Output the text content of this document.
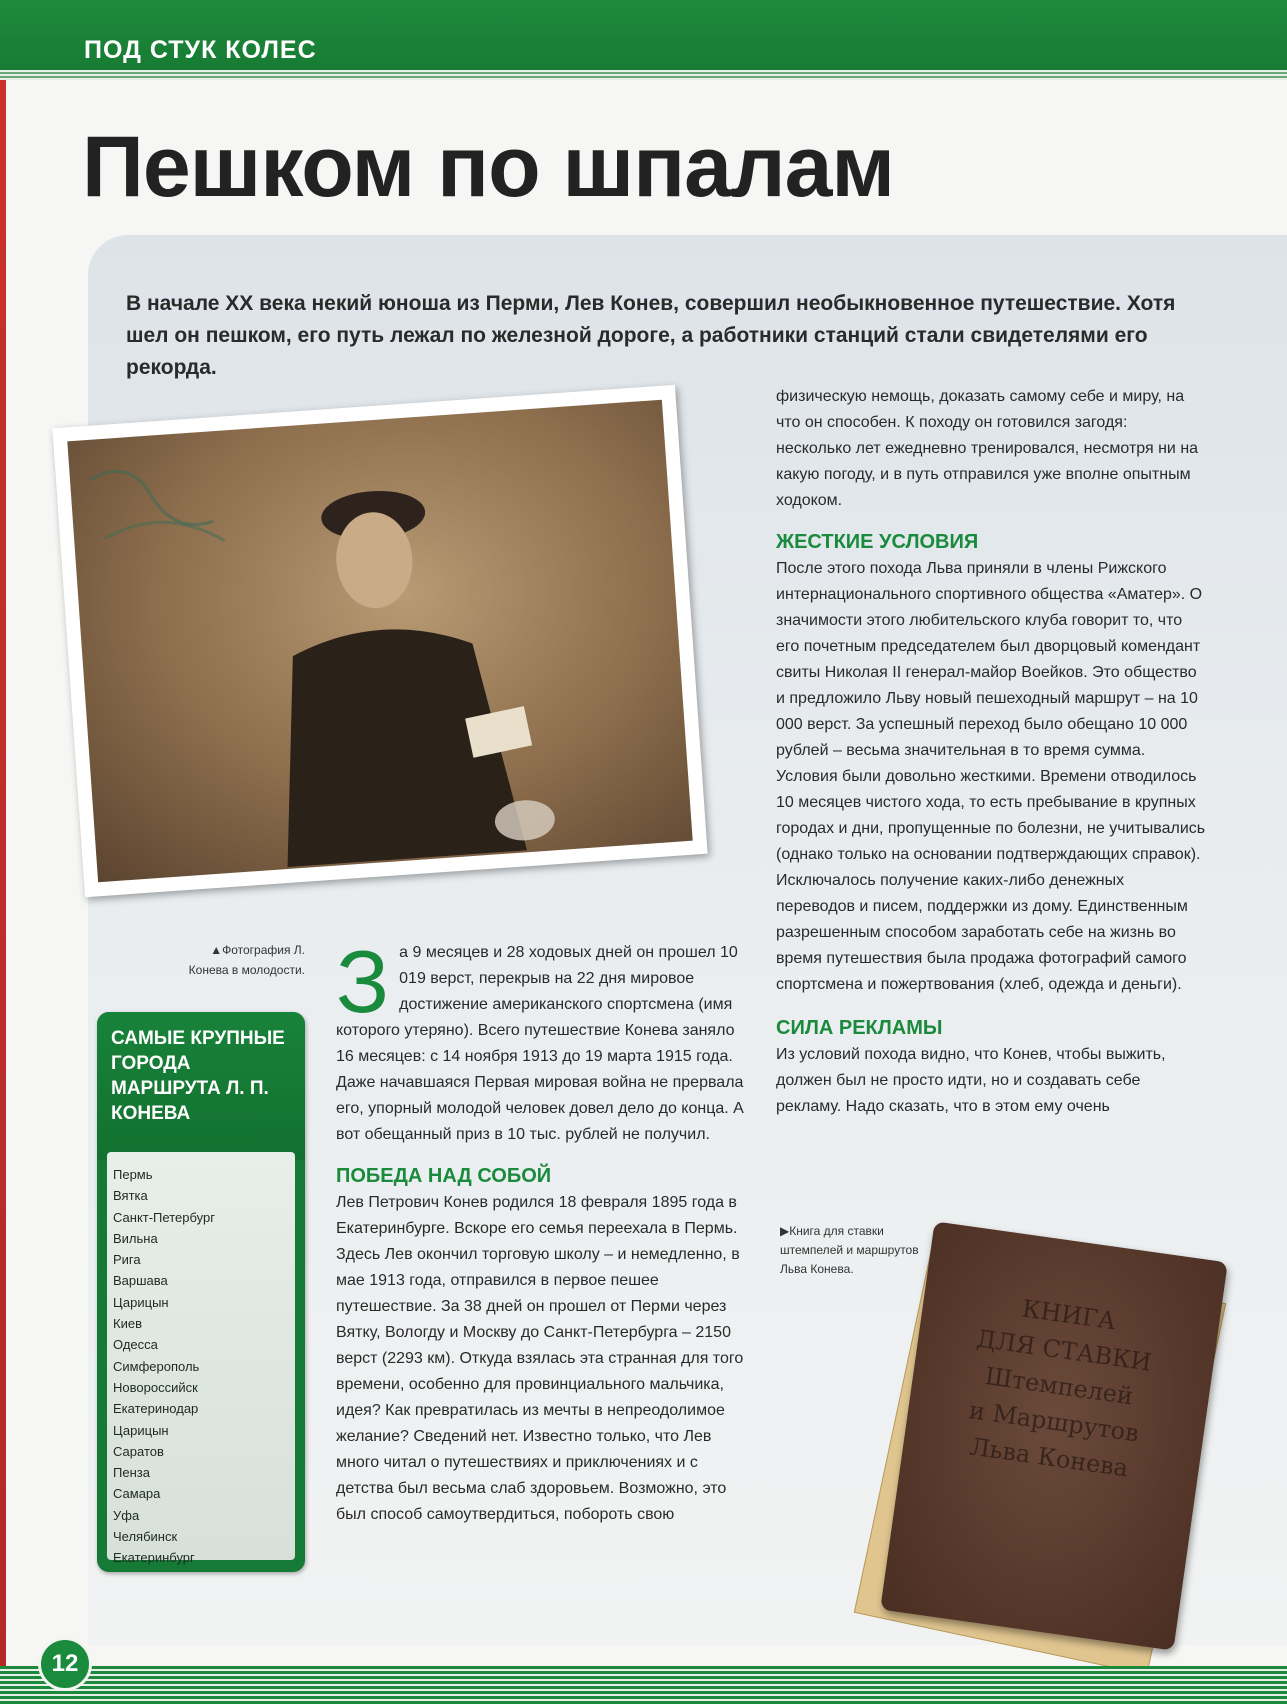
ПОД СТУК КОЛЕС
Пешком по шпалам

В начале XX века некий юноша из Перми, Лев Конев, совершил необыкновенное путешествие. Хотя шел он пешком, его путь лежал по железной дороге, а работники станций стали свидетелями его рекорда.

▲Фотография Л. Конева в молодости.
САМЫЕ КРУПНЫЕ ГОРОДА МАРШРУТА Л. П. КОНЕВА
Пермь
Вятка
Санкт-Петербург
Вильна
Рига
Варшава
Царицын
Киев
Одесса
Симферополь
Новороссийск
Екатеринодар
Царицын
Саратов
Пенза
Самара
Уфа
Челябинск
Екатеринбург

За 9 месяцев и 28 ходовых дней он прошел 10 019 верст, перекрыв на 22 дня мировое достижение американского спортсмена (имя которого утеряно). Всего путешествие Конева заняло 16 месяцев: с 14 ноября 1913 до 19 марта 1915 года. Даже начавшаяся Первая мировая война не прервала его, упорный молодой человек довел дело до конца. А вот обещанный приз в 10 тыс. рублей не получил.

ПОБЕДА НАД СОБОЙ

Лев Петрович Конев родился 18 февраля 1895 года в Екатеринбурге. Вскоре его семья переехала в Пермь. Здесь Лев окончил торговую школу – и немедленно, в мае 1913 года, отправился в первое пешее путешествие. За 38 дней он прошел от Перми через Вятку, Вологду и Москву до Санкт-Петербурга – 2150 верст (2293 км). Откуда взялась эта странная для того времени, особенно для провинциального мальчика, идея? Как превратилась из мечты в непреодолимое желание? Сведений нет. Известно только, что Лев много читал о путешествиях и приключениях и с детства был весьма слаб здоровьем. Возможно, это был способ самоутвердиться, побороть свою

физическую немощь, доказать самому себе и миру, на что он способен. К походу он готовился загодя: несколько лет ежедневно тренировался, несмотря ни на какую погоду, и в путь отправился уже вполне опытным ходоком.

ЖЕСТКИЕ УСЛОВИЯ

После этого похода Льва приняли в члены Рижского интернационального спортивного общества «Аматер». О значимости этого любительского клуба говорит то, что его почетным председателем был дворцовый комендант свиты Николая II генерал-майор Воейков. Это общество и предложило Льву новый пешеходный маршрут – на 10 000 верст. За успешный переход было обещано 10 000 рублей – весьма значительная в то время сумма. Условия были довольно жесткими. Времени отводилось 10 месяцев чистого хода, то есть пребывание в крупных городах и дни, пропущенные по болезни, не учитывались (однако только на основании подтверждающих справок). Исключалось получение каких-либо денежных переводов и писем, поддержки из дому. Единственным разрешенным способом заработать себе на жизнь во время путешествия была продажа фотографий самого спортсмена и пожертвования (хлеб, одежда и деньги).

СИЛА РЕКЛАМЫ

Из условий похода видно, что Конев, чтобы выжить, должен был не просто идти, но и создавать себе рекламу. Надо сказать, что в этом ему очень

▶Книга для ставки штемпелей и маршрутов Льва Конева.
КНИГА
ДЛЯ СТАВКИ
Штемпелей
и Маршрутов
Льва Конева
12
